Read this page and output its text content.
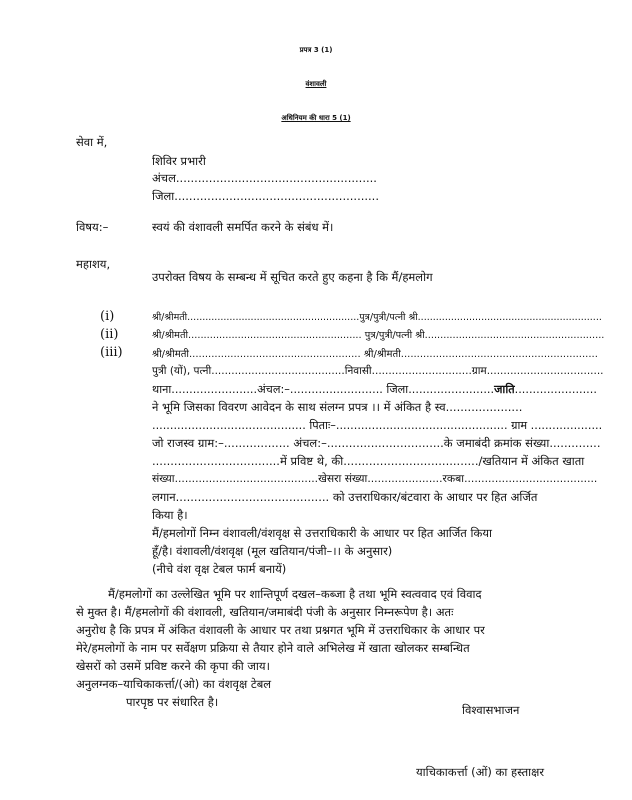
प्रपत्र 3 (1)
वंशावली
अधिनियम की धारा 5 (1)
सेवा में,
शिविर प्रभारी
अंचल.......................................................
जिला........................................................
विषय:–	स्वयं की वंशावली समर्पित करने के संबंध में।
महाशय,
उपरोक्त विषय के सम्बन्ध में सूचित करते हुए कहना है कि मैं/हमलोग
(i)	श्री/श्रीमती.........................................................पुत्र/पुत्री/पत्नी श्री.............................................................
(ii)	श्री/श्रीमती........................................................ पुत्र/पुत्री/पत्नी श्री..........................................................
(iii)	श्री/श्रीमती...................................................... श्री/श्रीमती..............................................................
पुत्री (यों), पत्नी........................................निवासी..............................ग्राम...................................
थाना........................अंचल:–.......................... जिला........................जाति.......................
ने भूमि जिसका विवरण आवेदन के साथ संलग्न प्रपत्र ।। में अंकित है स्व.....................
........................................... पिताः–................................................ ग्राम ....................
जो राजस्व ग्राम:–.................. अंचल:–................................के जमाबंदी क्रमांक संख्या..............
...................................में प्रविष्ट थे, की...................................../खतियान में अंकित खाता
संख्या..........................................खेसरा संख्या......................रकबा.......................................
लगान.......................................... को उत्तराधिकार/बंटवारा के आधार पर हित अर्जित
किया है।
मैं/हमलोगों निम्न वंशावली/वंशवृक्ष से उत्तराधिकारी के आधार पर हित आर्जित किया
हूँ/है। वंशावली/वंशवृक्ष (मूल खतियान/पंजी–।। के अनुसार)
(नीचे वंश वृक्ष टेबल फार्म बनायें)
मैं/हमलोगों का उल्लेखित भूमि पर शान्तिपूर्ण दखल–कब्जा है तथा भूमि स्वत्ववाद एवं विवाद
से मुक्त है। मैं/हमलोगों की वंशावली, खतियान/जमाबंदी पंजी के अनुसार निम्नरूपेण है। अतः
अनुरोध है कि प्रपत्र में अंकित वंशावली के आधार पर तथा प्रश्नगत भूमि में उत्तराधिकार के आधार पर
मेरे/हमलोगों के नाम पर सर्वेक्षण प्रक्रिया से तैयार होने वाले अभिलेख में खाता खोलकर सम्बन्धित
खेसरों को उसमें प्रविष्ट करने की कृपा की जाय।
अनुलग्नक–याचिकाकर्त्ता/(ओ) का वंशवृक्ष टेबल
पारपृष्ठ पर संधारित है।
विश्वासभाजन
याचिकाकर्त्ता (ओं) का हस्ताक्षर
